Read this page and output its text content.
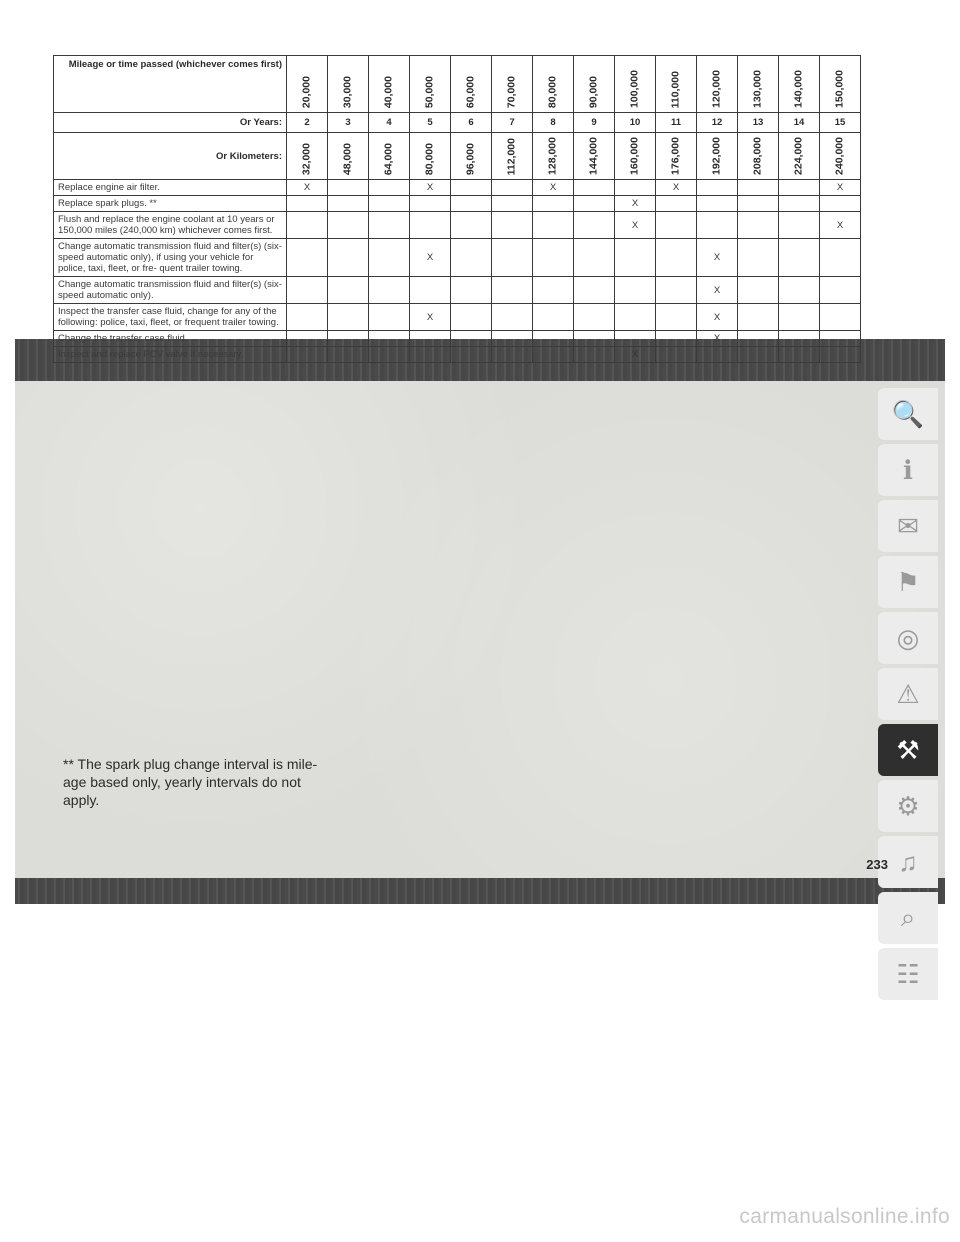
Mileage or time passed (whichever comes first)	20,000	30,000	40,000	50,000	60,000	70,000	80,000	90,000	100,000	110,000	120,000	130,000	140,000	150,000

Or Years:	2	3	4	5	6	7	8	9	10	11	12	13	14	15
Or Kilometers:	32,000	48,000	64,000	80,000	96,000	112,000	128,000	144,000	160,000	176,000	192,000	208,000	224,000	240,000

Replace engine air filter.	X			X			X			X				X
Replace spark plugs. **									X					
Flush and replace the engine coolant at 10 years or 150,000 miles (240,000 km) whichever comes first.									X					X
Change automatic transmission fluid and filter(s) (six-speed automatic only), if using your vehicle for police, taxi, fleet, or fre- quent trailer towing.				X							X			
Change automatic transmission fluid and filter(s) (six-speed automatic only).											X			
Inspect the transfer case fluid, change for any of the following: police, taxi, fleet, or frequent trailer towing.				X							X			
Change the transfer case fluid.											X			
Inspect and replace PCV valve if necessary.									X					
** The spark plug change interval is mile- age based only, yearly intervals do not apply.
🔍
ℹ
✉
⚑
◎
⚠
⚒
⚙
♫
⌕
☷
233
carmanualsonline.info
